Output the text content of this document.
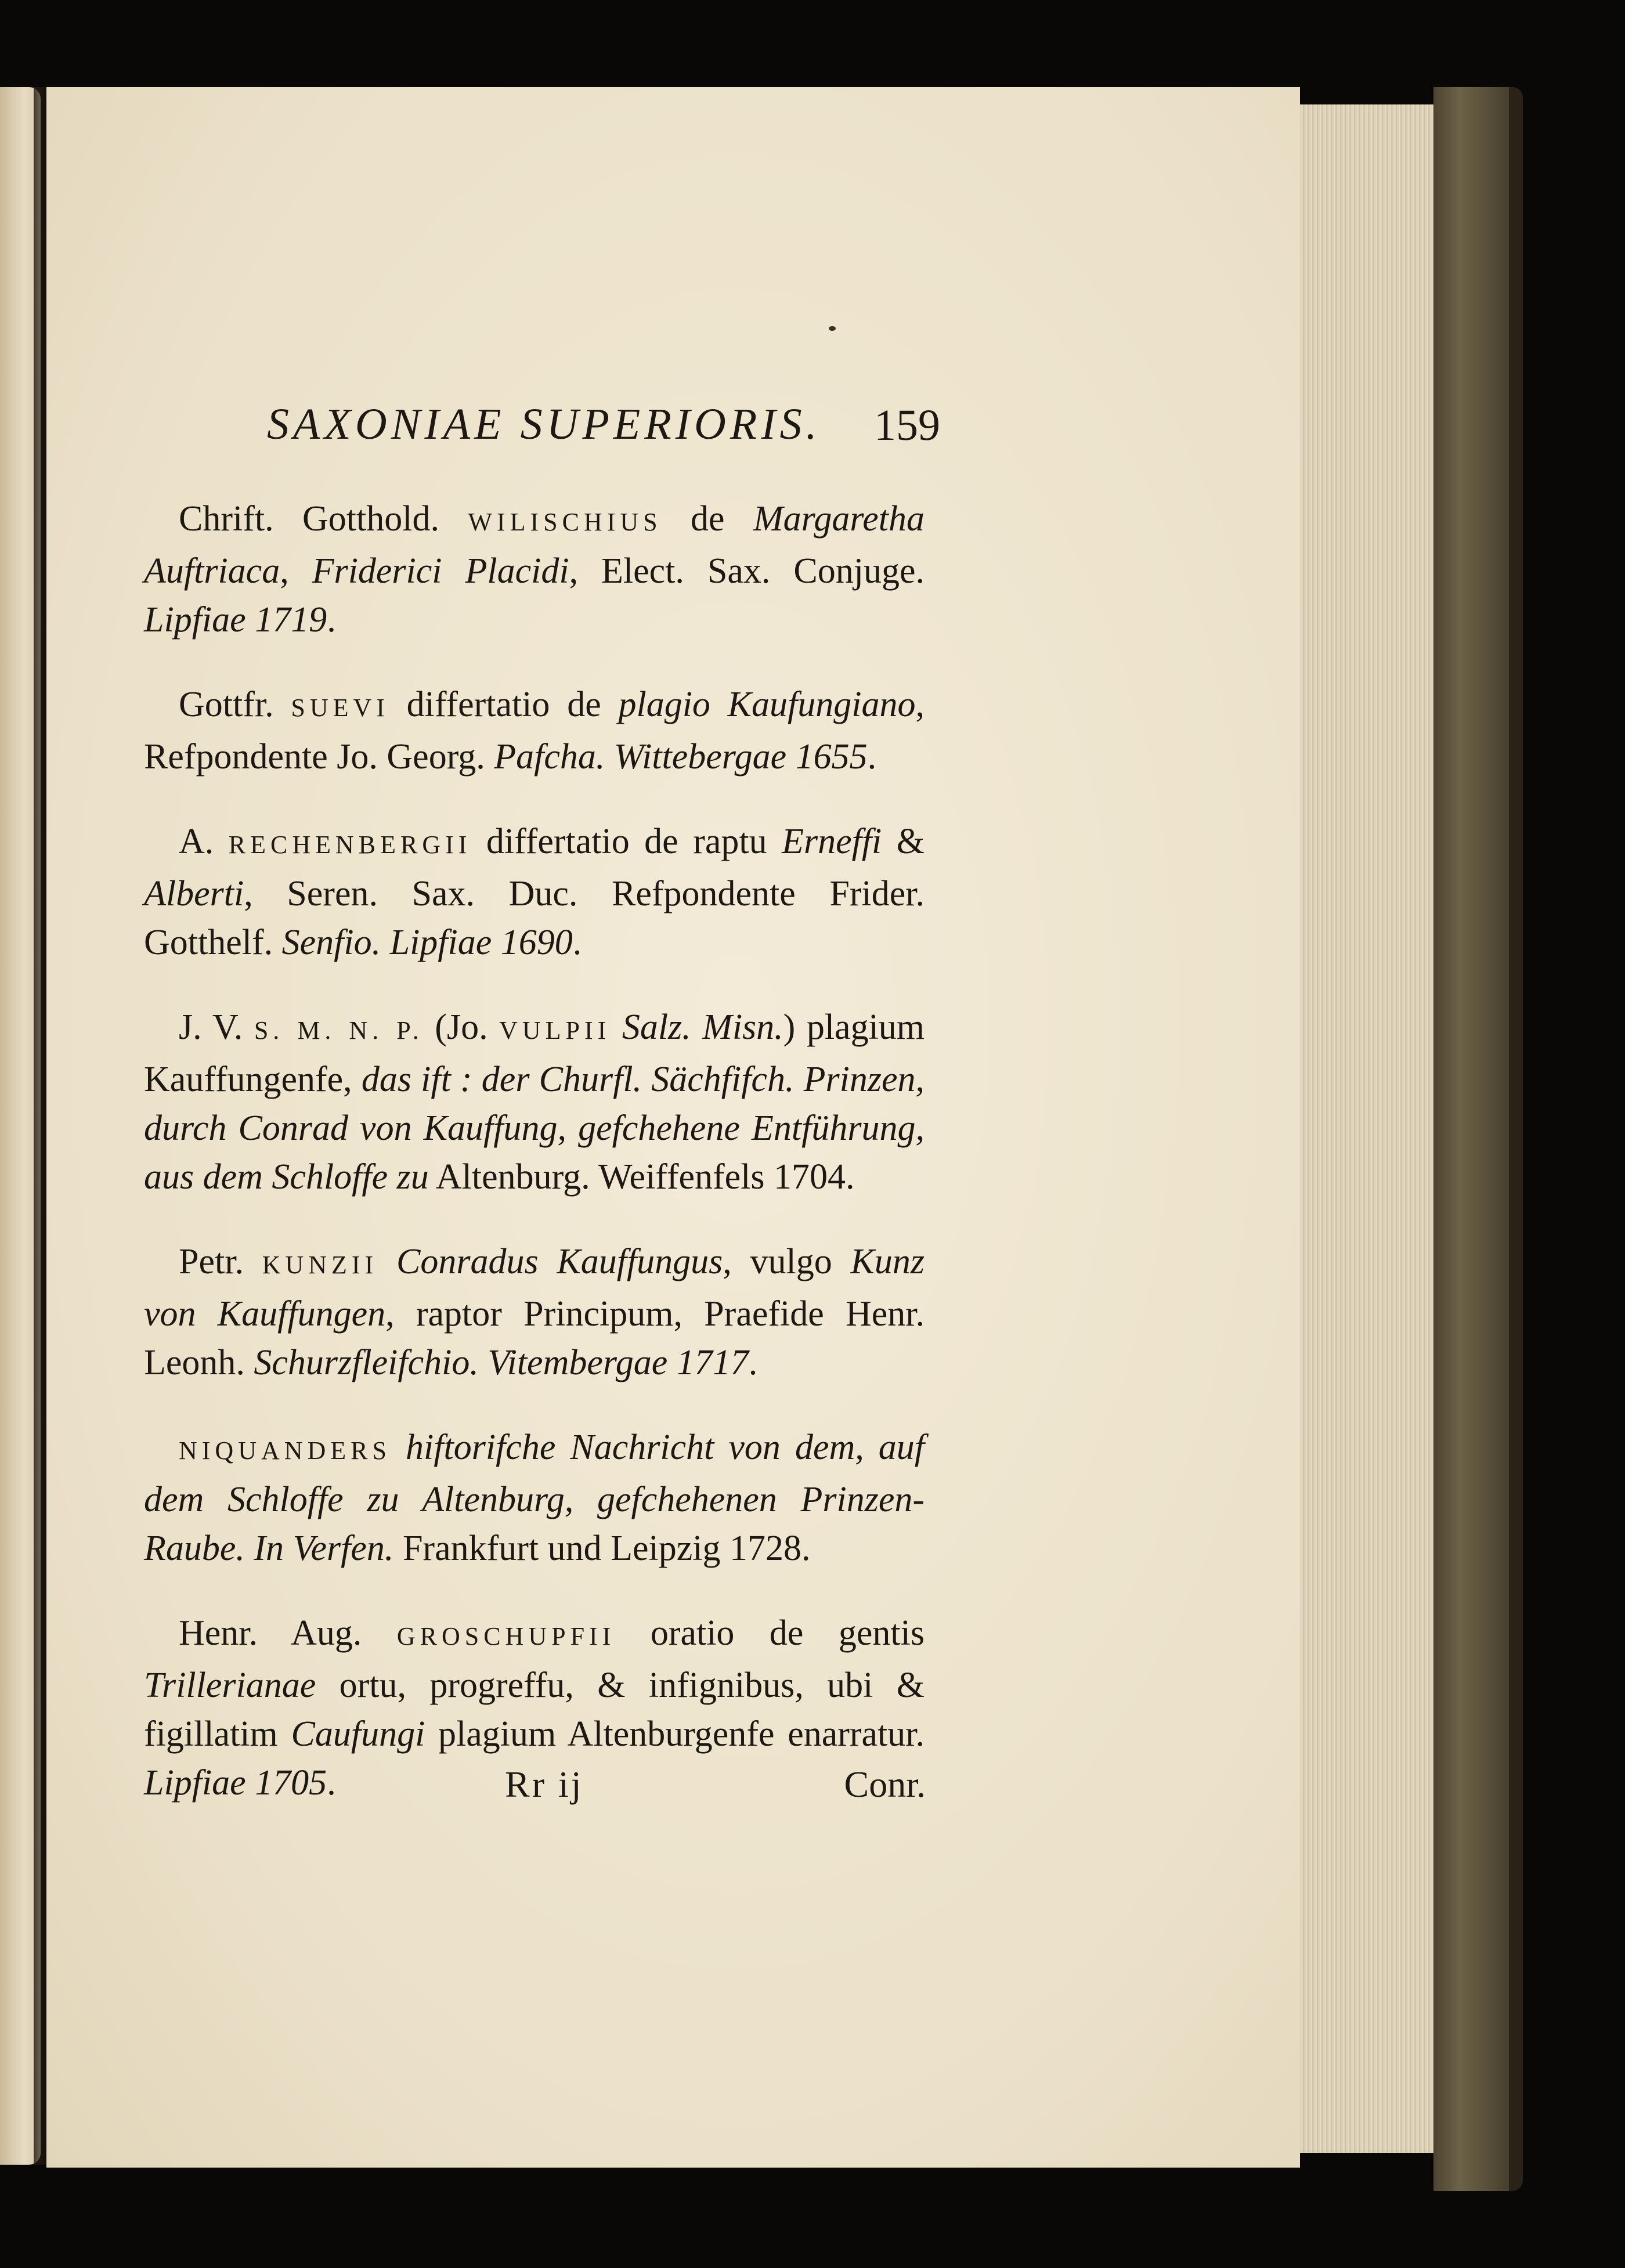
SAXONIAE SUPERIORIS. 159

Chrift. Gotthold. WILISCHIUS de Margaretha Auftriaca, Friderici Placidi, Elect. Sax. Conjuge. Lipfiae 1719.

Gottfr. SUEVI differtatio de plagio Kaufungiano, Refpondente Jo. Georg. Pafcha. Wittebergae 1655.

A. RECHENBERGII differtatio de raptu Erneffi & Alberti, Seren. Sax. Duc. Refpondente Frider. Gotthelf. Senfio. Lipfiae 1690.

J. V. S. M. N. P. (Jo. VULPII Salz. Misn.) plagium Kauffungenfe, das ift : der Churfl. Sächfifch. Prinzen, durch Conrad von Kauffung, gefchehene Entführung, aus dem Schloffe zu Altenburg. Weiffenfels 1704.

Petr. KUNZII Conradus Kauffungus, vulgo Kunz von Kauffungen, raptor Principum, Praefide Henr. Leonh. Schurzfleifchio. Vitembergae 1717.

NIQUANDERS hiftorifche Nachricht von dem, auf dem Schloffe zu Altenburg, gefchehenen Prinzen-Raube. In Verfen. Frankfurt und Leipzig 1728.

Henr. Aug. GROSCHUPFII oratio de gentis Trillerianae ortu, progreffu, & infignibus, ubi & figillatim Caufungi plagium Altenburgenfe enarratur. Lipfiae 1705.	Rr ij	Conr.
